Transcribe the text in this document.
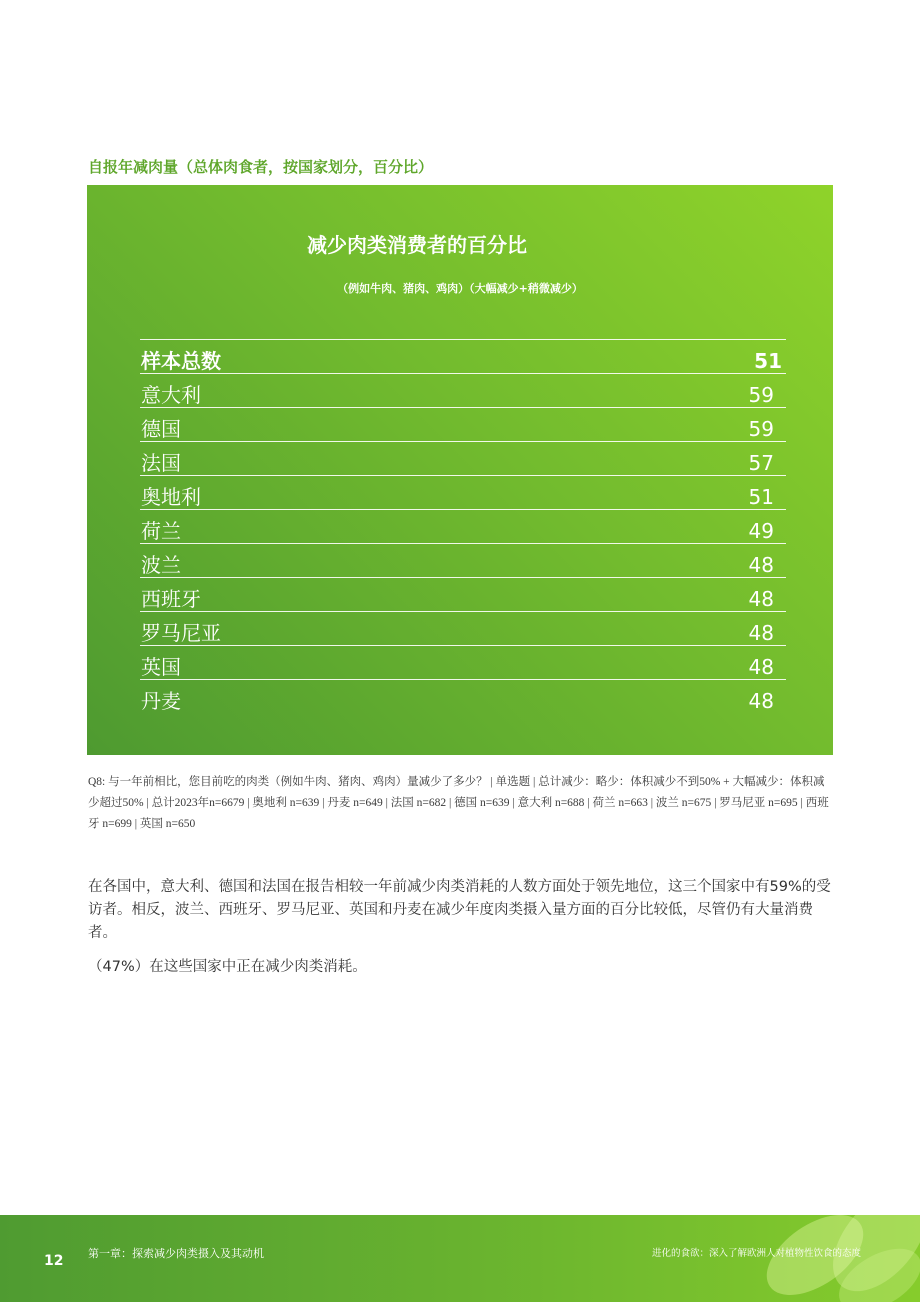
自报年减肉量（总体肉食者，按国家划分，百分比）
减少肉类消费者的百分比
（例如牛肉、猪肉、鸡肉）（大幅减少+稍微减少）
样本总数	51
意大利	59
德国	59
法国	57
奥地利	51
荷兰	49
波兰	48
西班牙	48
罗马尼亚	48
英国	48
丹麦	48

Q8: 与一年前相比，您目前吃的肉类（例如牛肉、猪肉、鸡肉）量减少了多少？ | 单选题 | 总计减少：略少：体积减少不到50% + 大幅减少：体积减少超过50% | 总计2023年n=6679 | 奥地利 n=639 | 丹麦 n=649 | 法国 n=682 | 德国 n=639 | 意大利 n=688 | 荷兰 n=663 | 波兰 n=675 | 罗马尼亚 n=695 | 西班牙 n=699 | 英国 n=650

在各国中，意大利、德国和法国在报告相较一年前减少肉类消耗的人数方面处于领先地位，这三个国家中有59%的受访者。相反，波兰、西班牙、罗马尼亚、英国和丹麦在减少年度肉类摄入量方面的百分比较低，尽管仍有大量消费者。

（47%）在这些国家中正在减少肉类消耗。

12 第一章：探索减少肉类摄入及其动机	进化的食欲：深入了解欧洲人对植物性饮食的态度
